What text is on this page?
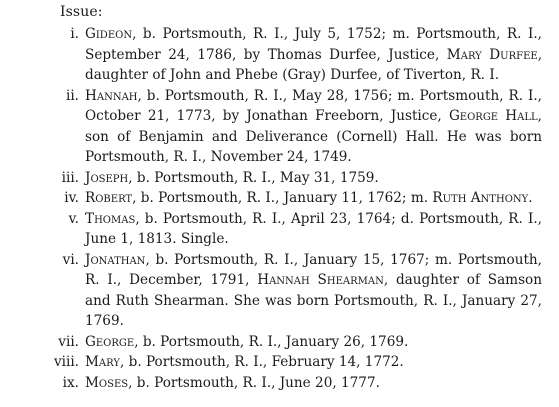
Issue:
i. Gideon, b. Portsmouth, R. I., July 5, 1752; m. Portsmouth, R. I., September 24, 1786, by Thomas Durfee, Justice, Mary Durfee, daughter of John and Phebe (Gray) Durfee, of Tiverton, R. I.
ii. Hannah, b. Portsmouth, R. I., May 28, 1756; m. Portsmouth, R. I., October 21, 1773, by Jonathan Freeborn, Justice, George Hall, son of Benjamin and Deliverance (Cornell) Hall. He was born Portsmouth, R. I., November 24, 1749.
iii. Joseph, b. Portsmouth, R. I., May 31, 1759.
iv. Robert, b. Portsmouth, R. I., January 11, 1762; m. Ruth Anthony.
v. Thomas, b. Portsmouth, R. I., April 23, 1764; d. Portsmouth, R. I., June 1, 1813. Single.
vi. Jonathan, b. Portsmouth, R. I., January 15, 1767; m. Portsmouth, R. I., December, 1791, Hannah Shearman, daughter of Samson and Ruth Shearman. She was born Portsmouth, R. I., January 27, 1769.
vii. George, b. Portsmouth, R. I., January 26, 1769.
viii. Mary, b. Portsmouth, R. I., February 14, 1772.
ix. Moses, b. Portsmouth, R. I., June 20, 1777.
